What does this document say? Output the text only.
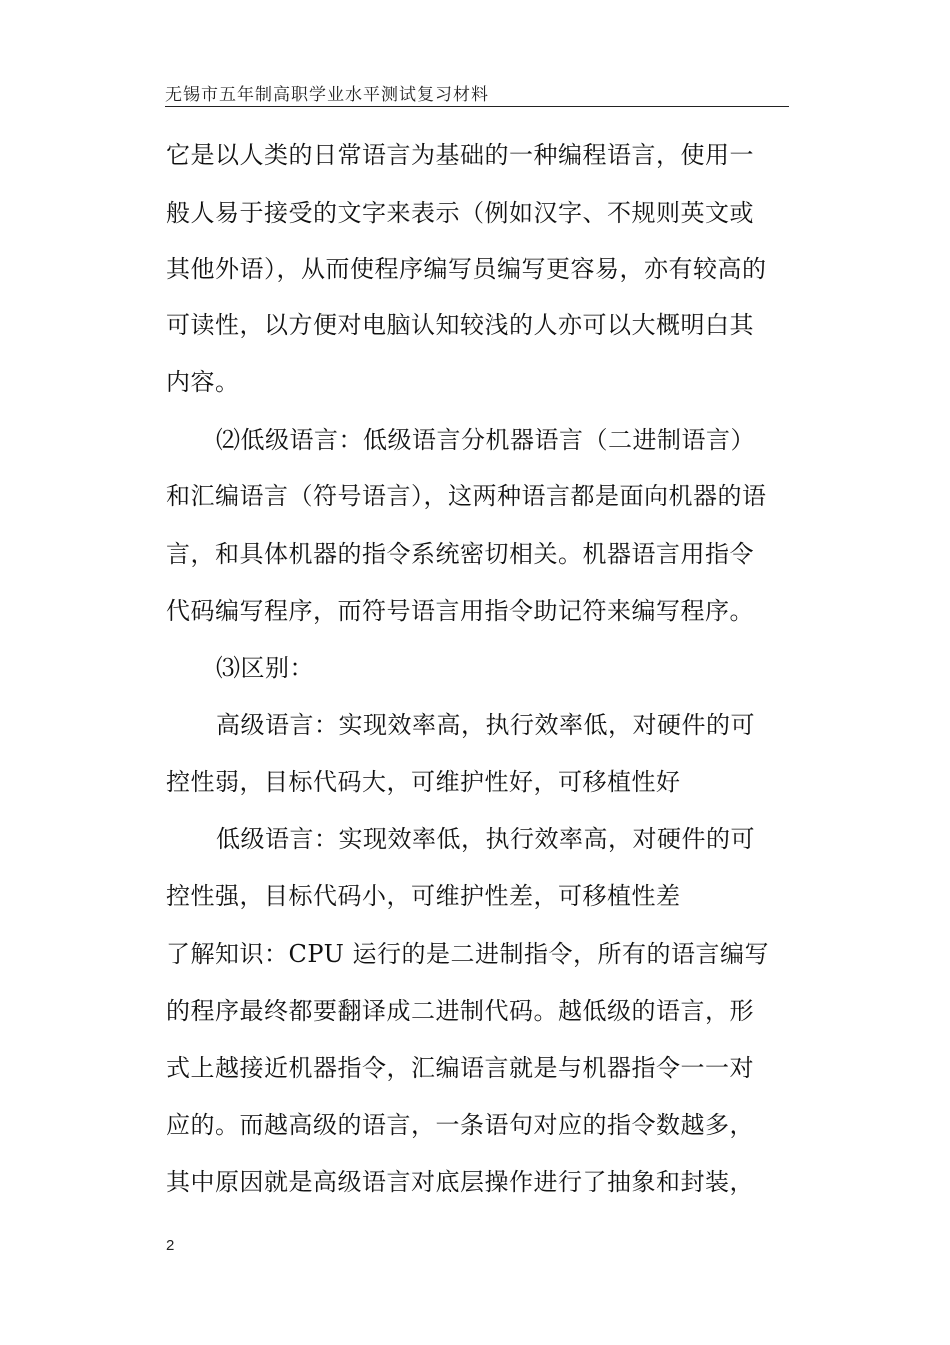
无锡市五年制高职学业水平测试复习材料
它是以人类的日常语言为基础的一种编程语言，使用一
般人易于接受的文字来表示（例如汉字、不规则英文或
其他外语），从而使程序编写员编写更容易，亦有较高的
可读性，以方便对电脑认知较浅的人亦可以大概明白其
内容。
⑵低级语言：低级语言分机器语言（二进制语言）
和汇编语言（符号语言），这两种语言都是面向机器的语
言，和具体机器的指令系统密切相关。机器语言用指令
代码编写程序，而符号语言用指令助记符来编写程序。
⑶区别：
高级语言：实现效率高，执行效率低，对硬件的可
控性弱，目标代码大，可维护性好，可移植性好
低级语言：实现效率低，执行效率高，对硬件的可
控性强，目标代码小，可维护性差，可移植性差
了解知识：CPU 运行的是二进制指令，所有的语言编写
的程序最终都要翻译成二进制代码。越低级的语言，形
式上越接近机器指令，汇编语言就是与机器指令一一对
应的。而越高级的语言，一条语句对应的指令数越多，
其中原因就是高级语言对底层操作进行了抽象和封装，
2
